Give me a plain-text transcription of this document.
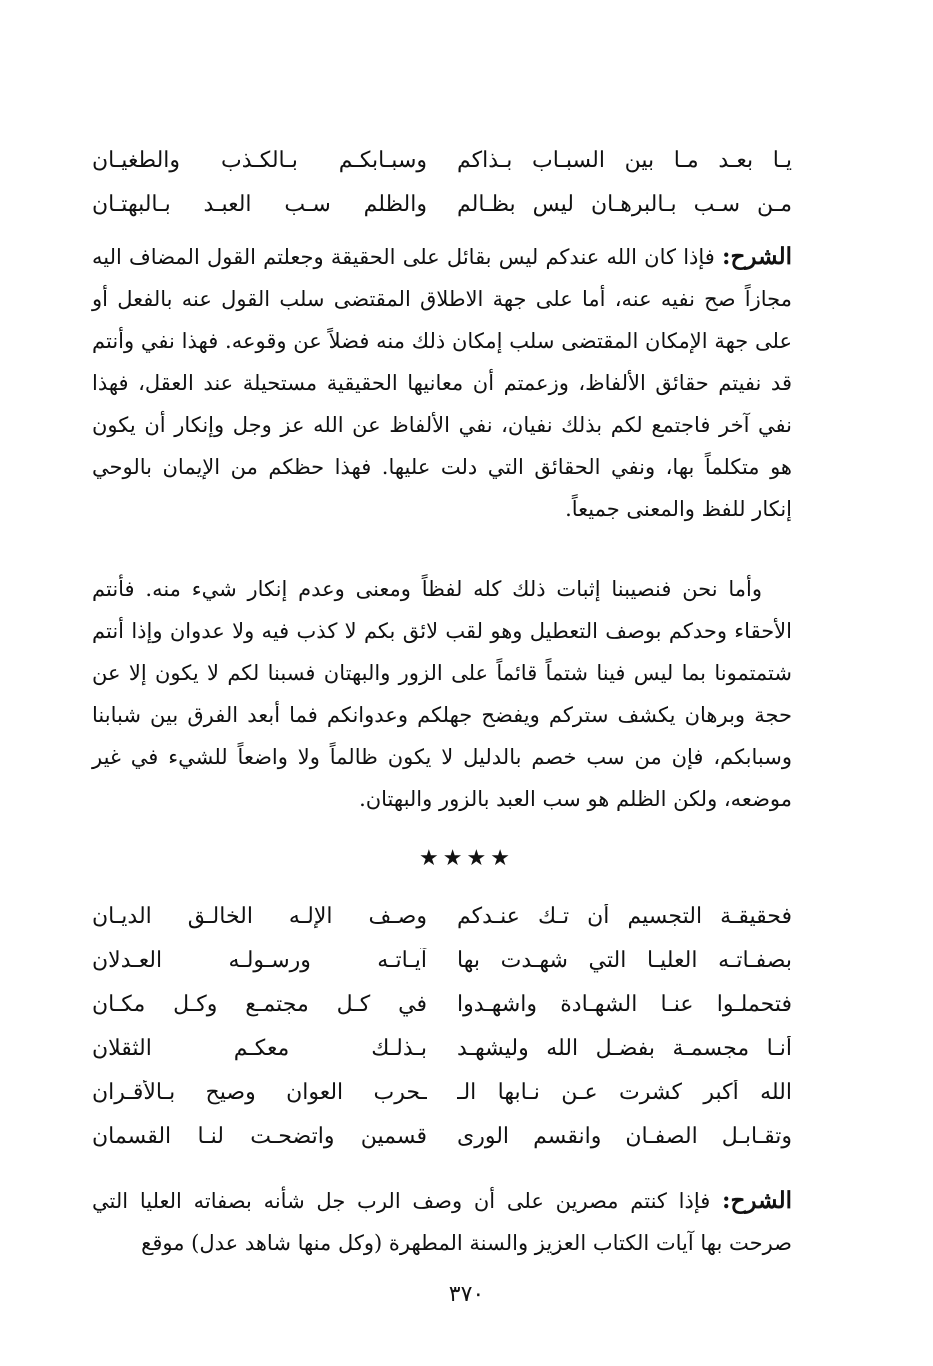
يـا بعـد مـا بين السبـاب بـذاكم
وسبـابكـم بـالكـذب والطغيـان
مـن سـب بـالبرهـان ليس بظـالم
والظلم سـب العبـد بـالبهتـان

الشرح: فإذا كان الله عندكم ليس بقائل على الحقيقة وجعلتم القول المضاف اليه مجازاً صح نفيه عنه، أما على جهة الاطلاق المقتضى سلب القول عنه بالفعل أو على جهة الإمكان المقتضى سلب إمكان ذلك منه فضلاً عن وقوعه. فهذا نفي وأنتم قد نفيتم حقائق الألفاظ، وزعمتم أن معانيها الحقيقية مستحيلة عند العقل، فهذا نفي آخر فاجتمع لكم بذلك نفيان، نفي الألفاظ عن الله عز وجل وإنكار أن يكون هو متكلماً بها، ونفي الحقائق التي دلت عليها. فهذا حظكم من الإيمان بالوحي إنكار للفظ والمعنى جميعاً.

وأما نحن فنصيبنا إثبات ذلك كله لفظاً ومعنى وعدم إنكار شيء منه. فأنتم الأحقاء وحدكم بوصف التعطيل وهو لقب لائق بكم لا كذب فيه ولا عدوان وإذا أنتم شتمتمونا بما ليس فينا شتماً قائماً على الزور والبهتان فسبنا لكم لا يكون إلا عن حجة وبرهان يكشف ستركم ويفضح جهلكم وعدوانكم فما أبعد الفرق بين شبابنا وسبابكم، فإن من سب خصم بالدليل لا يكون ظالماً ولا واضعاً للشيء في غير موضعه، ولكن الظلم هو سب العبد بالزور والبهتان.

★★★★
فحقيقـة التجسيم أن تـك عنـدكم
وصـف الإلـه الخالـق الديـان
بصفـاتـه العليـا التي شهـدت بها
آيـاتـه ورسـولـه العـدلان
فتحملـوا عنـا الشهـادة واشهـدوا
في كـل مجتمـع وكـل مكـان
أنـا مجسمـة بفضـل الله وليشهـد
بـذلـك معكـم الثقلان
الله أكبر كشرت عـن نـابها الـ
ـحرب العوان وصيح بـالأقـران
وتقـابـل الصفـان وانقسم الورى
قسمين واتضحـت لنـا القسمان

الشرح: فإذا كنتم مصرين على أن وصف الرب جل شأنه بصفاته العليا التي صرحت بها آيات الكتاب العزيز والسنة المطهرة (وكل منها شاهد عدل) موقع

٣٧٠
